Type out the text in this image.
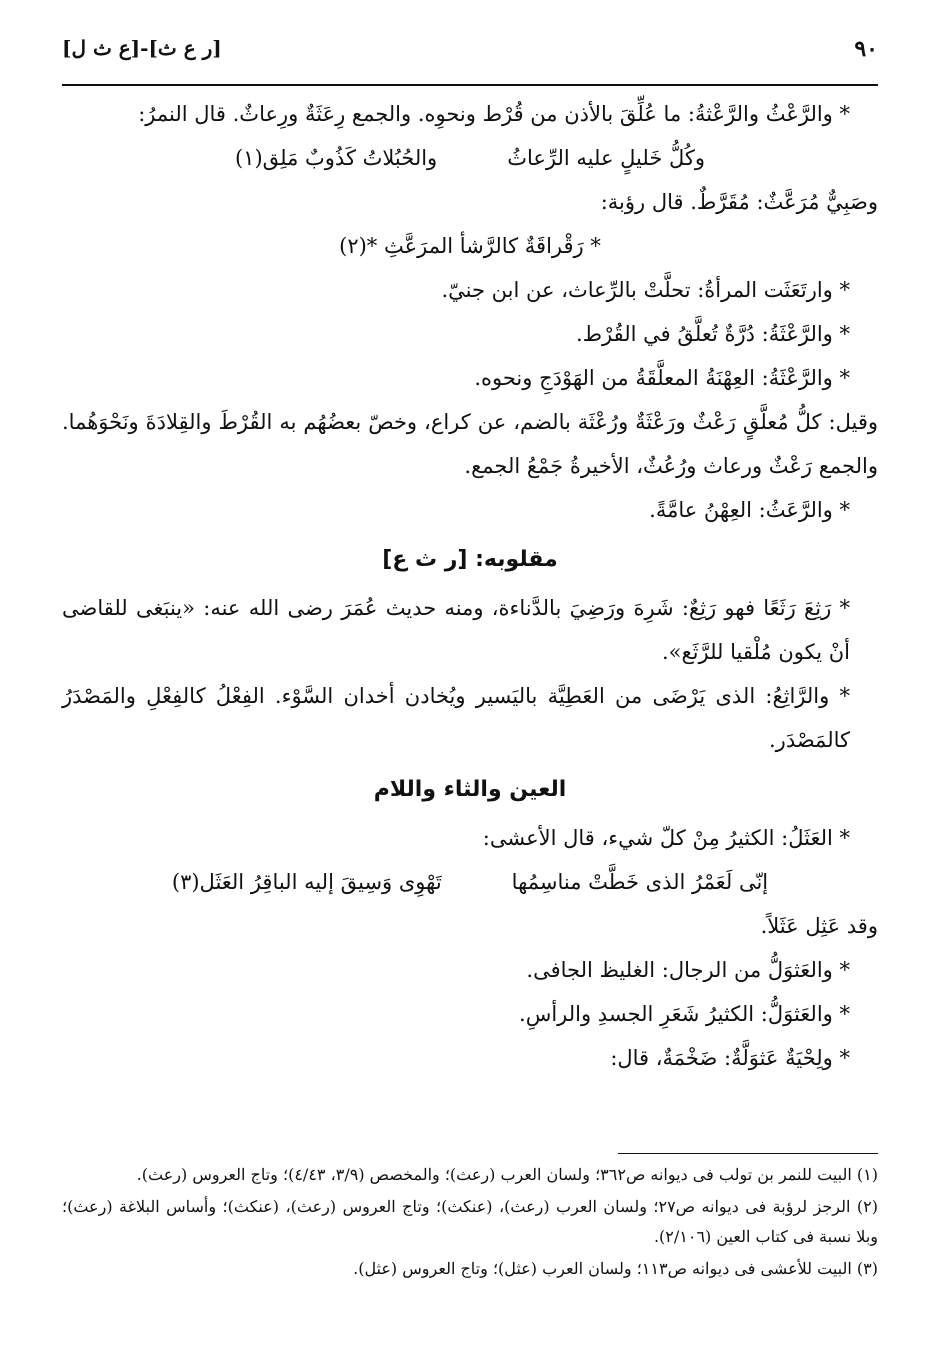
٩٠
[ر ع ث]-[ع ث ل]

* والرَّعْثُ والرَّعْثةُ: ما عُلِّقَ بالأذن من قُرْط ونحوِه. والجمع رِعَثَةٌ ورِعاثٌ. قال النمرُ:

وكُلُّ خَليلٍ عليه الرِّعاثُ
والحُبُلاتُ كَذُوبٌ مَلِق(١)

وصَبِيٌّ مُرَعَّثٌ: مُقَرَّطٌ. قال رؤبة:

* رَقْراقَةٌ كالرَّشأ المرَعَّثِ *(٢)

* وارتَعَثَت المرأةُ: تحلَّتْ بالرِّعاث، عن ابن جنيّ.

* والرَّعْثَةُ: دُرَّةٌ تُعلَّقُ في القُرْط.

* والرَّعْثَةُ: العِهْنَةُ المعلَّقَةُ من الهَوْدَجِ ونحوه.

وقيل: كلُّ مُعلَّقٍ رَعْثٌ ورَعْثَةٌ ورُعْثَة بالضم، عن كراع، وخصّ بعضُهُم به القُرْطَ والقِلادَةَ ونَحْوَهُما. والجمع رَعْثٌ ورعاث ورُعُثٌ، الأخيرةُ جَمْعُ الجمع.

* والرَّعَثُ: العِهْنُ عامَّةً.

مقلوبه: [ر ث ع]

* رَثِعَ رَثَعًا فهو رَثِعٌ: شَرِهَ ورَضِيَ بالدَّناءة، ومنه حديث عُمَرَ رضى الله عنه: «ينبَغى للقاضى أنْ يكون مُلْقيا للرَّثَع».

* والرَّاثِعُ: الذى يَرْضَى من العَطِيَّة باليَسير ويُخادن أخدان السَّوْء. الفِعْلُ كالفِعْلِ والمَصْدَرُ كالمَصْدَر.

العين والثاء واللام

* العَثَلُ: الكثيرُ مِنْ كلّ شيء، قال الأعشى:

إنّى لَعَمْرُ الذى خَطَّتْ مناسِمُها
تَهْوِى وَسِيقَ إليه الباقِرُ العَثَل(٣)

وقد عَثِل عَثَلاً.

* والعَثوَلُّ من الرجال: الغليظ الجافى.

* والعَثوَلُّ: الكثيرُ شَعَرِ الجسدِ والرأسِ.

* ولِحْيَةٌ عَثوَلَّةٌ: ضَخْمَةٌ، قال:

(١) البيت للنمر بن تولب فى ديوانه ص٣٦٢؛ ولسان العرب (رعث)؛ والمخصص (٣/٩، ٤/٤٣)؛ وتاج العروس (رعث).

(٢) الرجز لرؤبة فى ديوانه ص٢٧؛ ولسان العرب (رعث)، (عنكث)؛ وتاج العروس (رعث)، (عنكث)؛ وأساس البلاغة (رعث)؛ وبلا نسبة فى كتاب العين (٢/١٠٦).

(٣) البيت للأعشى فى ديوانه ص١١٣؛ ولسان العرب (عثل)؛ وتاج العروس (عثل).
